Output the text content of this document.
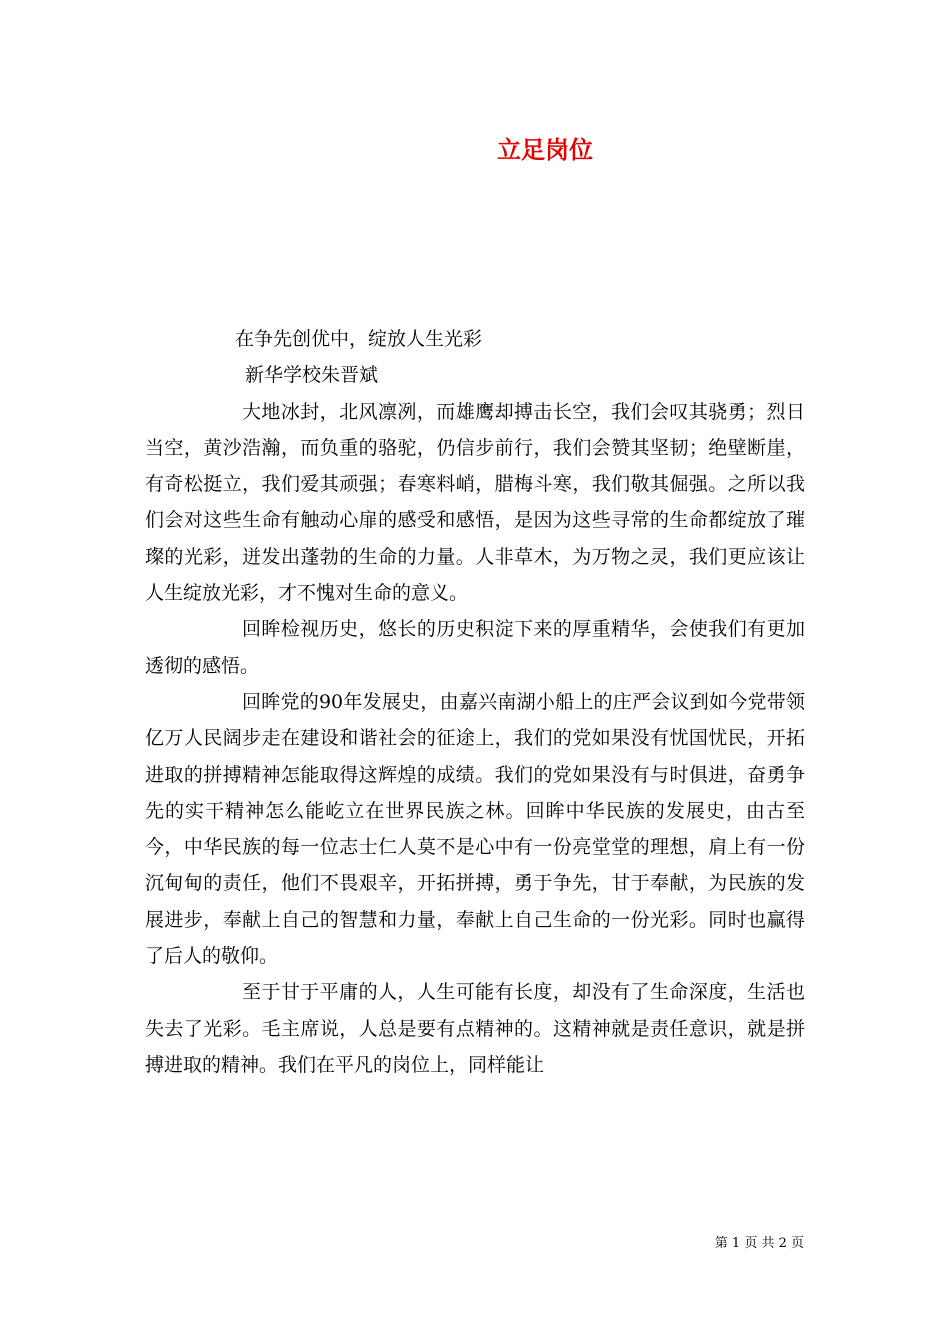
立足岗位

在争先创优中，绽放人生光彩

新华学校朱晋斌

大地冰封，北风凛冽，而雄鹰却搏击长空，我们会叹其骁勇；烈日当空，黄沙浩瀚，而负重的骆驼，仍信步前行，我们会赞其坚韧；绝壁断崖，有奇松挺立，我们爱其顽强；春寒料峭，腊梅斗寒，我们敬其倔强。之所以我们会对这些生命有触动心扉的感受和感悟，是因为这些寻常的生命都绽放了璀璨的光彩，迸发出蓬勃的生命的力量。人非草木，为万物之灵，我们更应该让人生绽放光彩，才不愧对生命的意义。

回眸检视历史，悠长的历史积淀下来的厚重精华，会使我们有更加透彻的感悟。

回眸党的90年发展史，由嘉兴南湖小船上的庄严会议到如今党带领亿万人民阔步走在建设和谐社会的征途上，我们的党如果没有忧国忧民，开拓进取的拼搏精神怎能取得这辉煌的成绩。我们的党如果没有与时俱进，奋勇争先的实干精神怎么能屹立在世界民族之林。回眸中华民族的发展史，由古至今，中华民族的每一位志士仁人莫不是心中有一份亮堂堂的理想，肩上有一份沉甸甸的责任，他们不畏艰辛，开拓拼搏，勇于争先，甘于奉献，为民族的发展进步，奉献上自己的智慧和力量，奉献上自己生命的一份光彩。同时也赢得了后人的敬仰。

至于甘于平庸的人，人生可能有长度，却没有了生命深度，生活也失去了光彩。毛主席说，人总是要有点精神的。这精神就是责任意识，就是拼搏进取的精神。我们在平凡的岗位上，同样能让

第 1 页 共 2 页
